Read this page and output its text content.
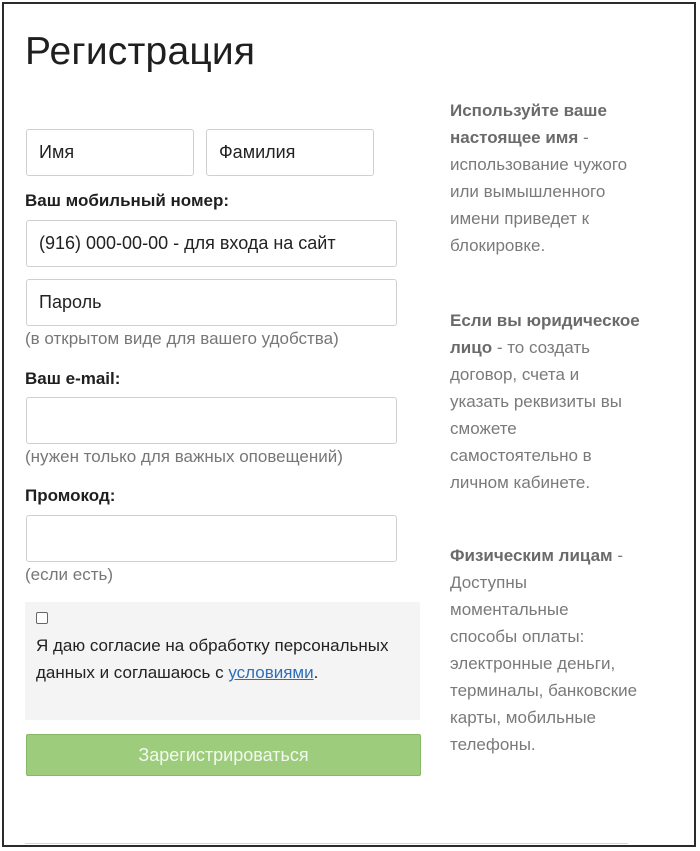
Регистрация
Имя
Фамилия
Ваш мобильный номер:
(916) 000-00-00 - для входа на сайт
Пароль
(в открытом виде для вашего удобства)
Ваш e-mail:
(нужен только для важных оповещений)
Промокод:
(если есть)
Я даю согласие на обработку персональных данных и соглашаюсь с условиями.
Зарегистрироваться
Используйте ваше настоящее имя - использование чужого или вымышленного имени приведет к блокировке.
Если вы юридическое лицо - то создать договор, счета и указать реквизиты вы сможете самостоятельно в личном кабинете.
Физическим лицам - Доступны моментальные способы оплаты: электронные деньги, терминалы, банковские карты, мобильные телефоны.
